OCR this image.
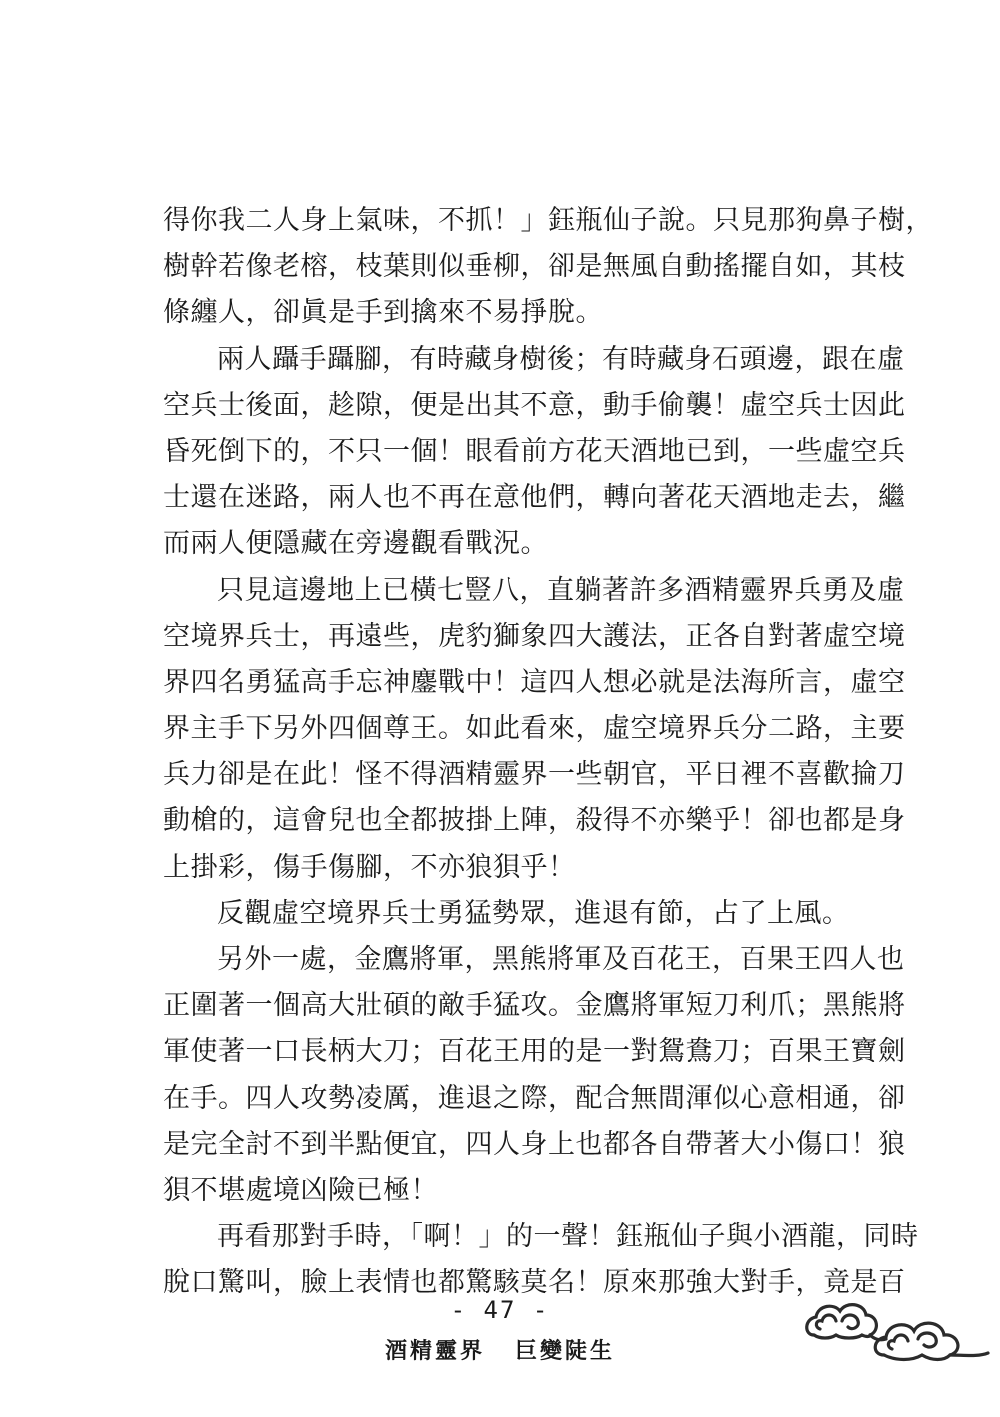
得你我二人身上氣味，不抓！」鈺瓶仙子說。只見那狗鼻子樹，
樹幹若像老榕，枝葉則似垂柳，卻是無風自動搖擺自如，其枝
條纏人，卻眞是手到擒來不易掙脫。
兩人躡手躡腳，有時藏身樹後；有時藏身石頭邊，跟在虛
空兵士後面，趁隙，便是出其不意，動手偷襲！虛空兵士因此
昏死倒下的，不只一個！眼看前方花天酒地已到，一些虛空兵
士還在迷路，兩人也不再在意他們，轉向著花天酒地走去，繼
而兩人便隱藏在旁邊觀看戰況。
只見這邊地上已橫七豎八，直躺著許多酒精靈界兵勇及虛
空境界兵士，再遠些，虎豹獅象四大護法，正各自對著虛空境
界四名勇猛高手忘神鏖戰中！這四人想必就是法海所言，虛空
界主手下另外四個尊王。如此看來，虛空境界兵分二路，主要
兵力卻是在此！怪不得酒精靈界一些朝官，平日裡不喜歡掄刀
動槍的，這會兒也全都披掛上陣，殺得不亦樂乎！卻也都是身
上掛彩，傷手傷腳，不亦狼狽乎！
反觀虛空境界兵士勇猛勢眾，進退有節，占了上風。
另外一處，金鷹將軍，黑熊將軍及百花王，百果王四人也
正圍著一個高大壯碩的敵手猛攻。金鷹將軍短刀利爪；黑熊將
軍使著一口長柄大刀；百花王用的是一對鴛鴦刀；百果王寶劍
在手。四人攻勢凌厲，進退之際，配合無間渾似心意相通，卻
是完全討不到半點便宜，四人身上也都各自帶著大小傷口！狼
狽不堪處境凶險已極！
再看那對手時，「啊！」的一聲！鈺瓶仙子與小酒龍，同時
脫口驚叫，臉上表情也都驚駭莫名！原來那強大對手，竟是百
- 47 -
酒精靈界 巨變陡生
